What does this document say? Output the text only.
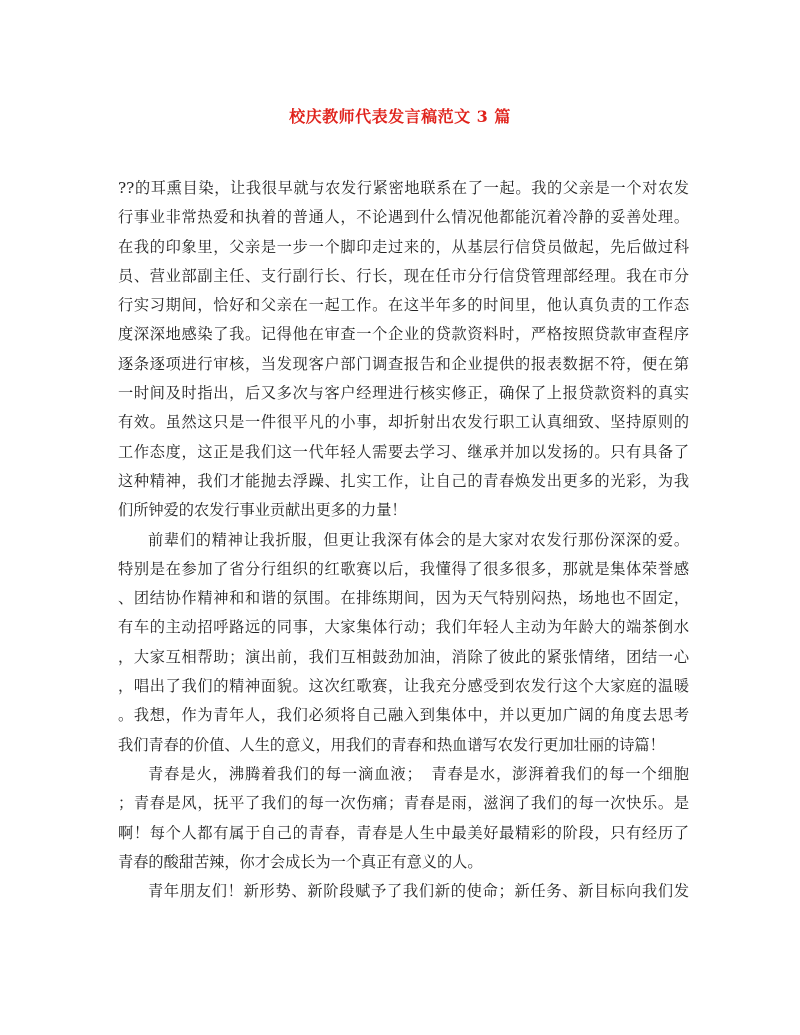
校庆教师代表发言稿范文 3 篇
??的耳熏目染，让我很早就与农发行紧密地联系在了一起。我的父亲是一个对农发
行事业非常热爱和执着的普通人，不论遇到什么情况他都能沉着冷静的妥善处理。
在我的印象里，父亲是一步一个脚印走过来的，从基层行信贷员做起，先后做过科
员、营业部副主任、支行副行长、行长，现在任市分行信贷管理部经理。我在市分
行实习期间，恰好和父亲在一起工作。在这半年多的时间里，他认真负责的工作态
度深深地感染了我。记得他在审查一个企业的贷款资料时，严格按照贷款审查程序
逐条逐项进行审核，当发现客户部门调查报告和企业提供的报表数据不符，便在第
一时间及时指出，后又多次与客户经理进行核实修正，确保了上报贷款资料的真实
有效。虽然这只是一件很平凡的小事，却折射出农发行职工认真细致、坚持原则的
工作态度，这正是我们这一代年轻人需要去学习、继承并加以发扬的。只有具备了
这种精神，我们才能抛去浮躁、扎实工作，让自己的青春焕发出更多的光彩，为我
们所钟爱的农发行事业贡献出更多的力量！
前辈们的精神让我折服，但更让我深有体会的是大家对农发行那份深深的爱。
特别是在参加了省分行组织的红歌赛以后，我懂得了很多很多，那就是集体荣誉感
、团结协作精神和和谐的氛围。在排练期间，因为天气特别闷热，场地也不固定，
有车的主动招呼路远的同事，大家集体行动；我们年轻人主动为年龄大的端茶倒水
，大家互相帮助；演出前，我们互相鼓劲加油，消除了彼此的紧张情绪，团结一心
，唱出了我们的精神面貌。这次红歌赛，让我充分感受到农发行这个大家庭的温暖
。我想，作为青年人，我们必须将自己融入到集体中，并以更加广阔的角度去思考
我们青春的价值、人生的意义，用我们的青春和热血谱写农发行更加壮丽的诗篇！
青春是火，沸腾着我们的每一滴血液；　青春是水，澎湃着我们的每一个细胞
；青春是风，抚平了我们的每一次伤痛；青春是雨，滋润了我们的每一次快乐。是
啊！每个人都有属于自己的青春，青春是人生中最美好最精彩的阶段，只有经历了
青春的酸甜苦辣，你才会成长为一个真正有意义的人。
青年朋友们！新形势、新阶段赋予了我们新的使命；新任务、新目标向我们发
